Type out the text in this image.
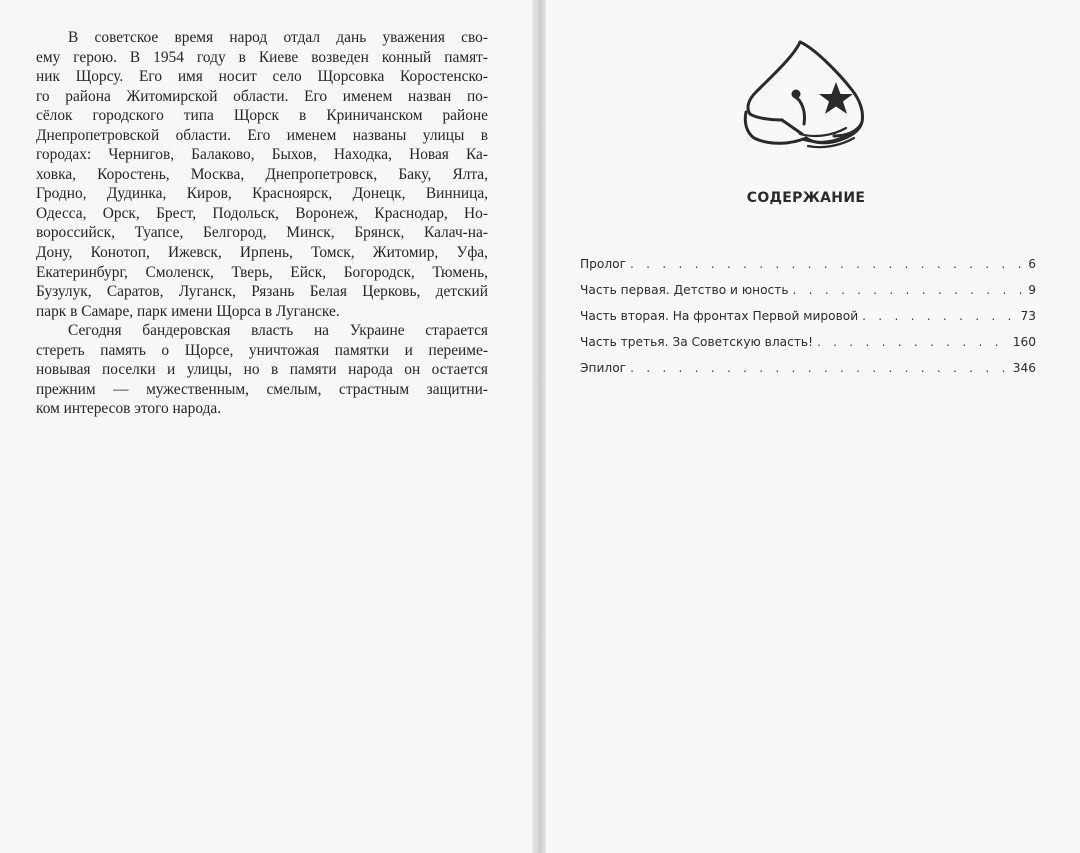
В советское время народ отдал дань уважения сво-
ему герою. В 1954 году в Киеве возведен конный памят-
ник Щорсу. Его имя носит село Щорсовка Коростенско-
го района Житомирской области. Его именем назван по-
сёлок городского типа Щорск в Криничанском районе
Днепропетровской области. Его именем названы улицы в
городах: Чернигов, Балаково, Быхов, Находка, Новая Ка-
ховка, Коростень, Москва, Днепропетровск, Баку, Ялта,
Гродно, Дудинка, Киров, Красноярск, Донецк, Винница,
Одесса, Орск, Брест, Подольск, Воронеж, Краснодар, Но-
вороссийск, Туапсе, Белгород, Минск, Брянск, Калач-на-
Дону, Конотоп, Ижевск, Ирпень, Томск, Житомир, Уфа,
Екатеринбург, Смоленск, Тверь, Ейск, Богородск, Тюмень,
Бузулук, Саратов, Луганск, Рязань Белая Церковь, детский
парк в Самаре, парк имени Щорса в Луганске.

Сегодня бандеровская власть на Украине старается
стереть память о Щорсе, уничтожая памятки и переиме-
новывая поселки и улицы, но в памяти народа он остается
прежним — мужественным, смелым, страстным защитни-
ком интересов этого народа.

СОДЕРЖАНИЕ
Пролог . . .	6
Часть первая. Детство и юность . . .	9
Часть вторая. На фронтах Первой мировой . . .	73
Часть третья. За Советскую власть! . . .	160
Эпилог . . .	346
